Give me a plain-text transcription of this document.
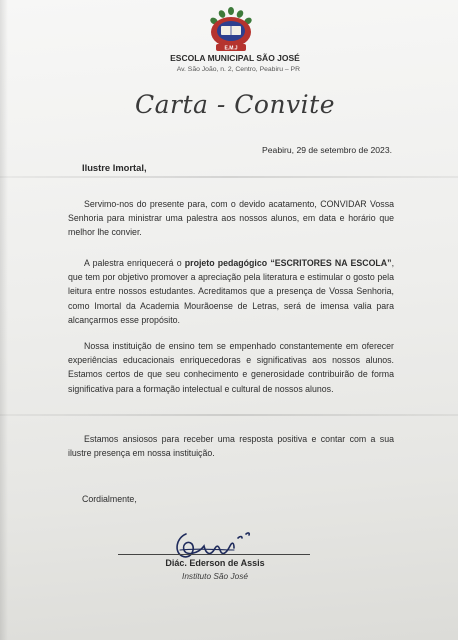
E.M.J
ESCOLA MUNICIPAL SÃO JOSÉ
Av. São João, n. 2, Centro, Peabiru – PR
Carta - Convite
Peabiru, 29 de setembro de 2023.
Ilustre Imortal,
Servimo-nos do presente para, com o devido acatamento, CONVIDAR Vossa Senhoria para ministrar uma palestra aos nossos alunos, em data e horário que melhor lhe convier.
A palestra enriquecerá o projeto pedagógico “ESCRITORES NA ESCOLA”, que tem por objetivo promover a apreciação pela literatura e estimular o gosto pela leitura entre nossos estudantes. Acreditamos que a presença de Vossa Senhoria, como Imortal da Academia Mourãoense de Letras, será de imensa valia para alcançarmos esse propósito.
Nossa instituição de ensino tem se empenhado constantemente em oferecer experiências educacionais enriquecedoras e significativas aos nossos alunos. Estamos certos de que seu conhecimento e generosidade contribuirão de forma significativa para a formação intelectual e cultural de nossos alunos.
Estamos ansiosos para receber uma resposta positiva e contar com a sua ilustre presença em nossa instituição.
Cordialmente,
Diác. Ederson de Assis
Instituto São José
